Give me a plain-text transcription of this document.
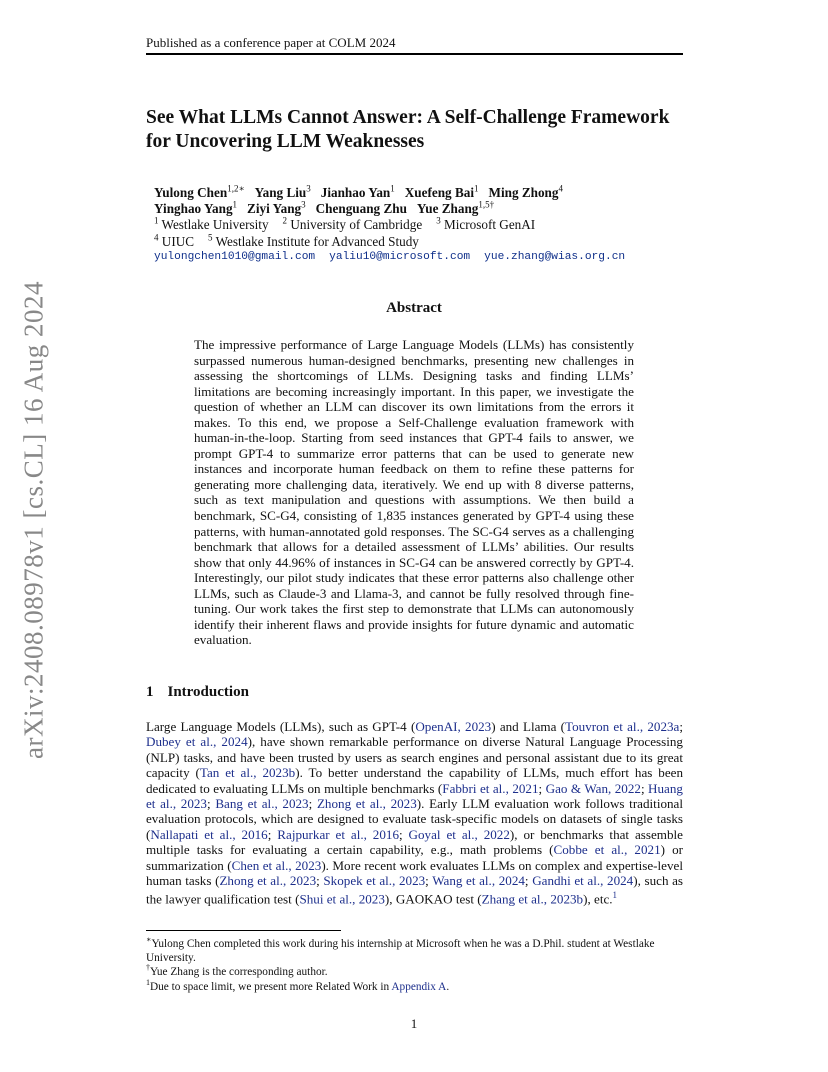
Published as a conference paper at COLM 2024
arXiv:2408.08978v1 [cs.CL] 16 Aug 2024
See What LLMs Cannot Answer: A Self-Challenge Framework
for Uncovering LLM Weaknesses
Yulong Chen$^{1,2∗}$ Yang Liu$^3$ Jianhao Yan$^1$ Xuefeng Bai$^1$ Ming Zhong$^4$
Yinghao Yang$^1$ Ziyi Yang$^3$ Chenguang Zhu Yue Zhang$^{1,5\dagger}$
$^1$ Westlake University $^2$ University of Cambridge $^3$ Microsoft GenAI
$^4$ UIUC $^5$ Westlake Institute for Advanced Study
yulongchen1010@gmail.com yaliu10@microsoft.com yue.zhang@wias.org.cn
Abstract
The impressive performance of Large Language Models (LLMs) has consistently surpassed numerous human-designed benchmarks, presenting new challenges in assessing the shortcomings of LLMs. Designing tasks and finding LLMs’ limitations are becoming increasingly important. In this paper, we investigate the question of whether an LLM can discover its own limitations from the errors it makes. To this end, we propose a Self-Challenge evaluation framework with human-in-the-loop. Starting from seed instances that GPT-4 fails to answer, we prompt GPT-4 to summarize error patterns that can be used to generate new instances and incorporate human feedback on them to refine these patterns for generating more challenging data, iteratively. We end up with 8 diverse patterns, such as text manipulation and questions with assumptions. We then build a benchmark, SC-G4, consisting of 1,835 instances generated by GPT-4 using these patterns, with human-annotated gold responses. The SC-G4 serves as a challenging benchmark that allows for a detailed assessment of LLMs’ abilities. Our results show that only 44.96% of instances in SC-G4 can be answered correctly by GPT-4. Interestingly, our pilot study indicates that these error patterns also challenge other LLMs, such as Claude-3 and Llama-3, and cannot be fully resolved through fine-tuning. Our work takes the first step to demonstrate that LLMs can autonomously identify their inherent flaws and provide insights for future dynamic and automatic evaluation.
1 Introduction
Large Language Models (LLMs), such as GPT-4 (OpenAI, 2023) and Llama (Touvron et al., 2023a; Dubey et al., 2024), have shown remarkable performance on diverse Natural Language Processing (NLP) tasks, and have been trusted by users as search engines and personal assistant due to its great capacity (Tan et al., 2023b). To better understand the capability of LLMs, much effort has been dedicated to evaluating LLMs on multiple benchmarks (Fabbri et al., 2021; Gao & Wan, 2022; Huang et al., 2023; Bang et al., 2023; Zhong et al., 2023). Early LLM evaluation work follows traditional evaluation protocols, which are designed to evaluate task-specific models on datasets of single tasks (Nallapati et al., 2016; Rajpurkar et al., 2016; Goyal et al., 2022), or benchmarks that assemble multiple tasks for evaluating a certain capability, e.g., math problems (Cobbe et al., 2021) or summarization (Chen et al., 2023). More recent work evaluates LLMs on complex and expertise-level human tasks (Zhong et al., 2023; Skopek et al., 2023; Wang et al., 2024; Gandhi et al., 2024), such as the lawyer qualification test (Shui et al., 2023), GAOKAO test (Zhang et al., 2023b), etc.$^1$
∗Yulong Chen completed this work during his internship at Microsoft when he was a D.Phil. student at Westlake University.
†Yue Zhang is the corresponding author.
$^1$Due to space limit, we present more Related Work in Appendix A.
1
